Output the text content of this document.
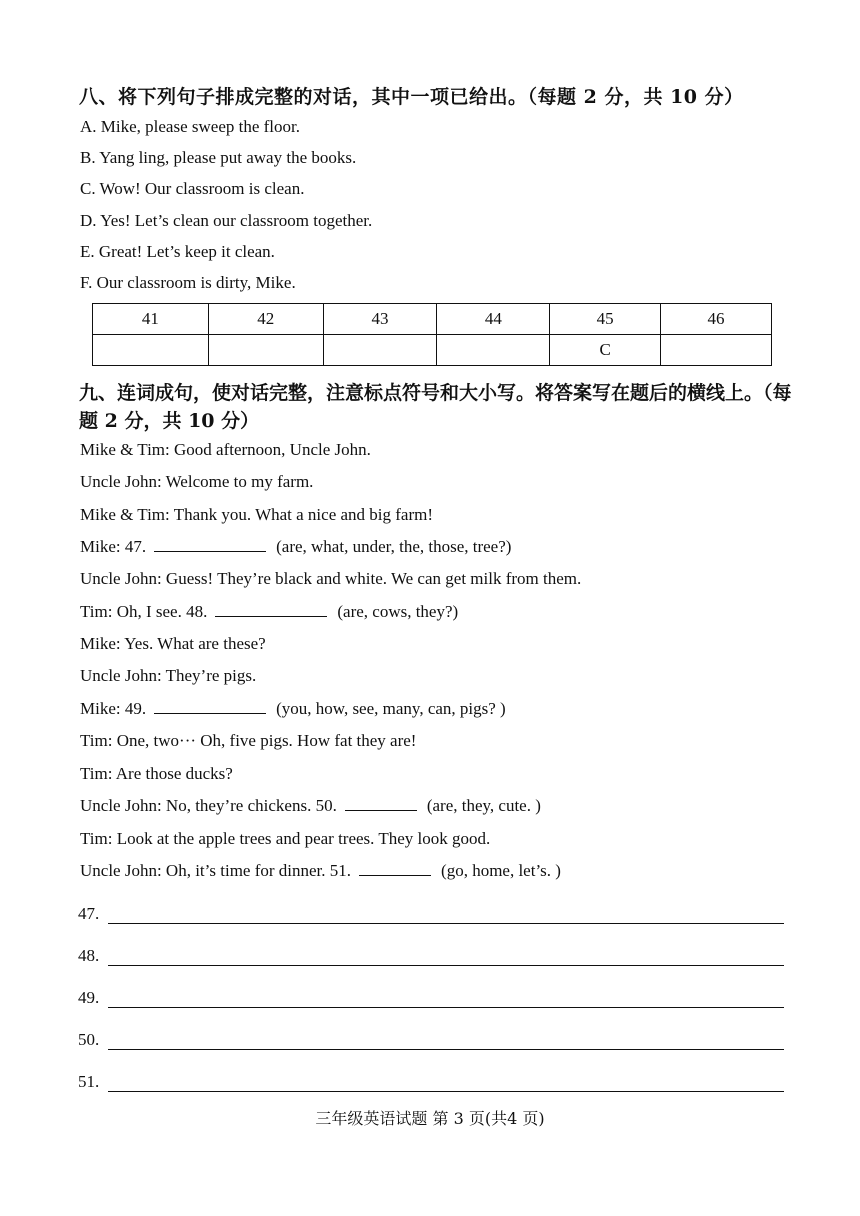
八、将下列句子排成完整的对话，其中一项已给出。（每题 2 分，共 10 分）
A. Mike, please sweep the floor.
B. Yang ling, please put away the books.
C. Wow! Our classroom is clean.
D. Yes! Let’s clean our classroom together.
E. Great! Let’s keep it clean.
F. Our classroom is dirty, Mike.
41	42	43	44	45	46
				C	
九、连词成句，使对话完整，注意标点符号和大小写。将答案写在题后的横线上。（每
题 2 分，共 10 分）
Mike & Tim: Good afternoon, Uncle John.
Uncle John: Welcome to my farm.
Mike & Tim: Thank you. What a nice and big farm!
Mike: 47.	(are, what, under, the, those, tree?)
Uncle John: Guess! They’re black and white. We can get milk from them.
Tim: Oh, I see. 48.	(are, cows, they?)
Mike: Yes. What are these?
Uncle John: They’re pigs.
Mike: 49.	(you, how, see, many, can, pigs? )
Tim: One, two··· Oh, five pigs. How fat they are!
Tim: Are those ducks?
Uncle John: No, they’re chickens. 50.	(are, they, cute. )
Tim: Look at the apple trees and pear trees. They look good.
Uncle John: Oh, it’s time for dinner. 51.	(go, home, let’s. )
47.
48.
49.
50.
51.
三年级英语试题 第 3 页(共4 页)
